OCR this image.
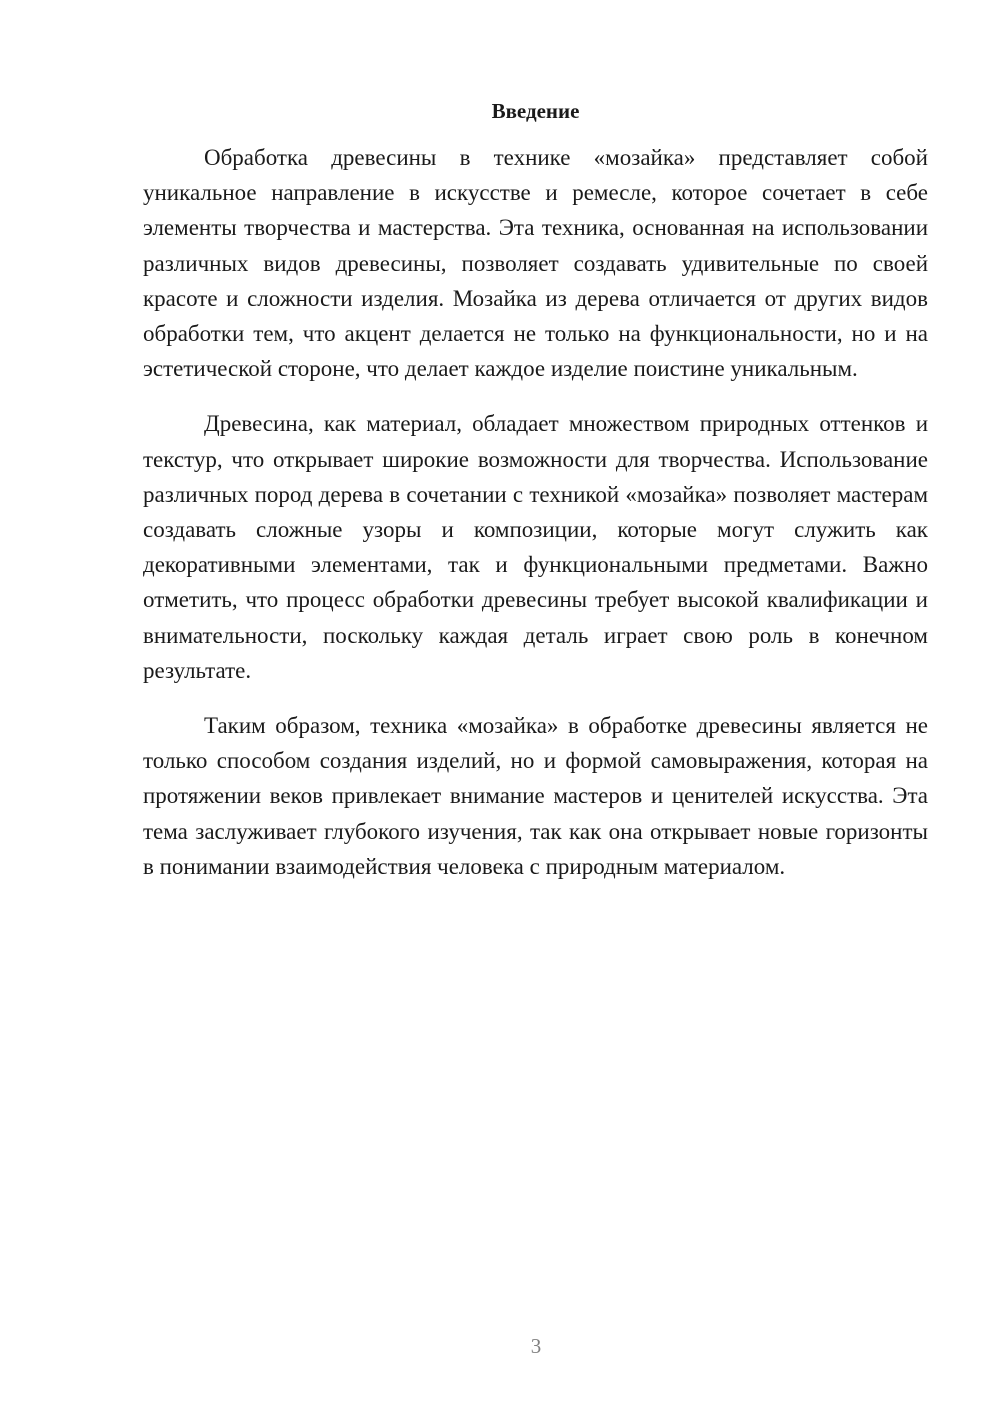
Введение

Обработка древесины в технике «мозайка» представляет собой уникальное направление в искусстве и ремесле, которое сочетает в себе элементы творчества и мастерства. Эта техника, основанная на использовании различных видов древесины, позволяет создавать удивительные по своей красоте и сложности изделия. Мозайка из дерева отличается от других видов обработки тем, что акцент делается не только на функциональности, но и на эстетической стороне, что делает каждое изделие поистине уникальным.

Древесина, как материал, обладает множеством природных оттенков и текстур, что открывает широкие возможности для творчества. Использование различных пород дерева в сочетании с техникой «мозайка» позволяет мастерам создавать сложные узоры и композиции, которые могут служить как декоративными элементами, так и функциональными предметами. Важно отметить, что процесс обработки древесины требует высокой квалификации и внимательности, поскольку каждая деталь играет свою роль в конечном результате.

Таким образом, техника «мозайка» в обработке древесины является не только способом создания изделий, но и формой самовыражения, которая на протяжении веков привлекает внимание мастеров и ценителей искусства. Эта тема заслуживает глубокого изучения, так как она открывает новые горизонты в понимании взаимодействия человека с природным материалом.

3
